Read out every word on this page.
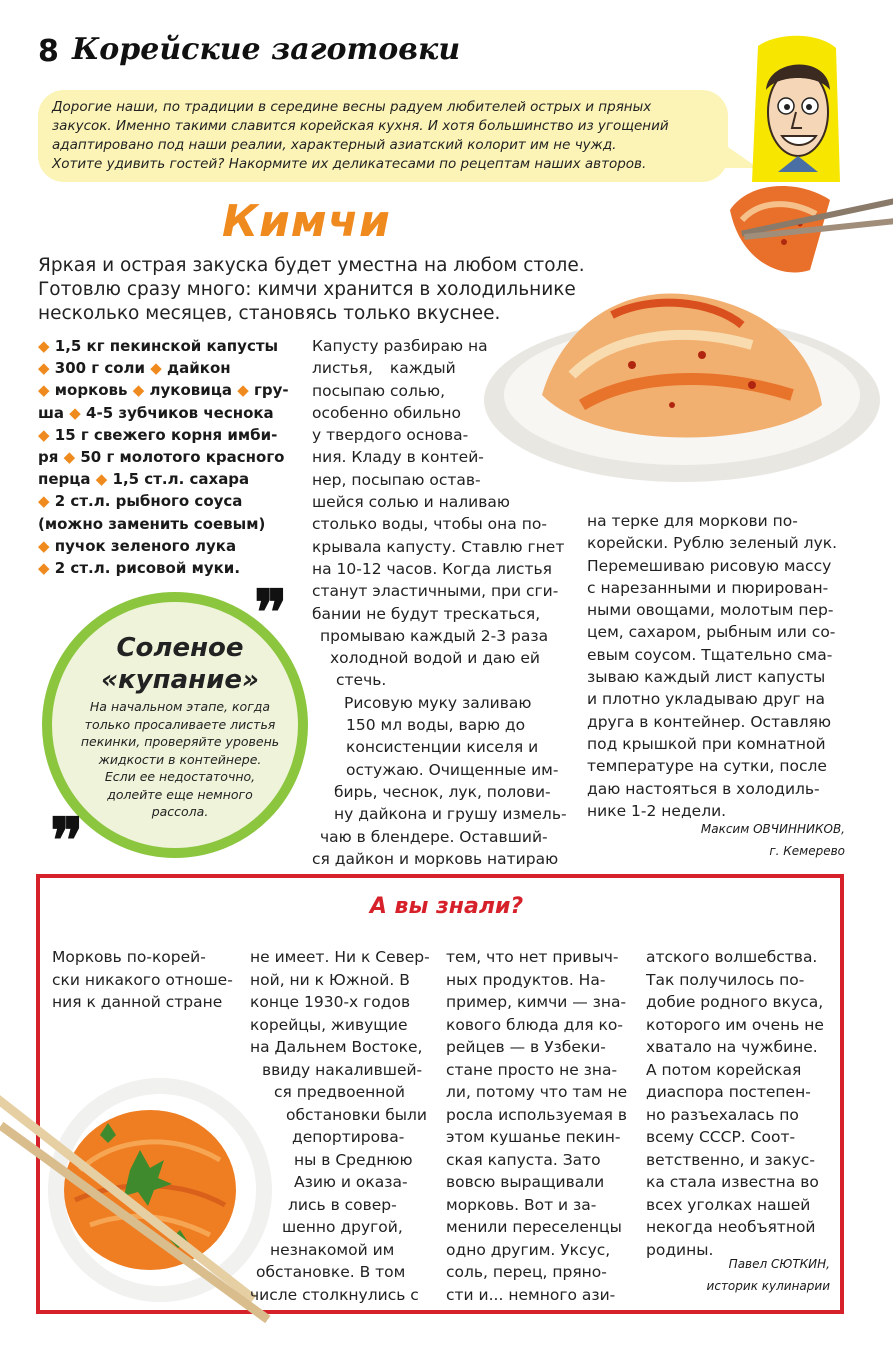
8 Корейские заготовки
Дорогие наши, по традиции в середине весны радуем любителей острых и пряных
закусок. Именно такими славится корейская кухня. И хотя большинство из угощений
адаптировано под наши реалии, характерный азиатский колорит им не чужд.
Хотите удивить гостей? Накормите их деликатесами по рецептам наших авторов.
Кимчи
Яркая и острая закуска будет уместна на любом столе.
Готовлю сразу много: кимчи хранится в холодильнике
несколько месяцев, становясь только вкуснее.
◆ 1,5 кг пекинской капусты
◆ 300 г соли ◆ дайкон
◆ морковь ◆ луковица ◆ гру-
ша ◆ 4-5 зубчиков чеснока
◆ 15 г свежего корня имби-
ря ◆ 50 г молотого красного
перца ◆ 1,5 ст.л. сахара
◆ 2 ст.л. рыбного соуса
(можно заменить соевым)
◆ пучок зеленого лука
◆ 2 ст.л. рисовой муки.
Капусту разбираю на
листья, каждый
посыпаю солью,
особенно обильно
у твердого основа-
ния. Кладу в контей-
нер, посыпаю остав-
шейся солью и наливаю
столько воды, чтобы она по-
крывала капусту. Ставлю гнет
на 10-12 часов. Когда листья
станут эластичными, при сги-
бании не будут трескаться,
промываю каждый 2-3 раза
холодной водой и даю ей
стечь.
Рисовую муку заливаю
150 мл воды, варю до
консистенции киселя и
остужаю. Очищенные им-
бирь, чеснок, лук, полови-
ну дайкона и грушу измель-
чаю в блендере. Оставший-
ся дайкон и морковь натираю
на терке для моркови по-
корейски. Рублю зеленый лук.
Перемешиваю рисовую массу
с нарезанными и пюрирован-
ными овощами, молотым пер-
цем, сахаром, рыбным или со-
евым соусом. Тщательно сма-
зываю каждый лист капусты
и плотно укладываю друг на
друга в контейнер. Оставляю
под крышкой при комнатной
температуре на сутки, после
даю настояться в холодиль-
нике 1-2 недели.
Максим ОВЧИННИКОВ,
г. Кемерево
Соленое
«купание»
На начальном этапе, когда
только просаливаете листья
пекинки, проверяйте уровень
жидкости в контейнере.
Если ее недостаточно,
долейте еще немного
рассола.
❞
❞
А вы знали?
Морковь по-корей-
ски никакого отноше-
ния к данной стране
не имеет. Ни к Север-
ной, ни к Южной. В
конце 1930-х годов
корейцы, живущие
на Дальнем Востоке,
ввиду накалившей-
ся предвоенной
обстановки были
депортирова-
ны в Среднюю
Азию и оказа-
лись в совер-
шенно другой,
незнакомой им
обстановке. В том
числе столкнулись с
тем, что нет привыч-
ных продуктов. На-
пример, кимчи — зна-
кового блюда для ко-
рейцев — в Узбеки-
стане просто не зна-
ли, потому что там не
росла используемая в
этом кушанье пекин-
ская капуста. Зато
вовсю выращивали
морковь. Вот и за-
менили переселенцы
одно другим. Уксус,
соль, перец, пряно-
сти и... немного ази-
атского волшебства.
Так получилось по-
добие родного вкуса,
которого им очень не
хватало на чужбине.
А потом корейская
диаспора постепен-
но разъехалась по
всему СССР. Соот-
ветственно, и закус-
ка стала известна во
всех уголках нашей
некогда необъятной
родины.
Павел СЮТКИН,
историк кулинарии
